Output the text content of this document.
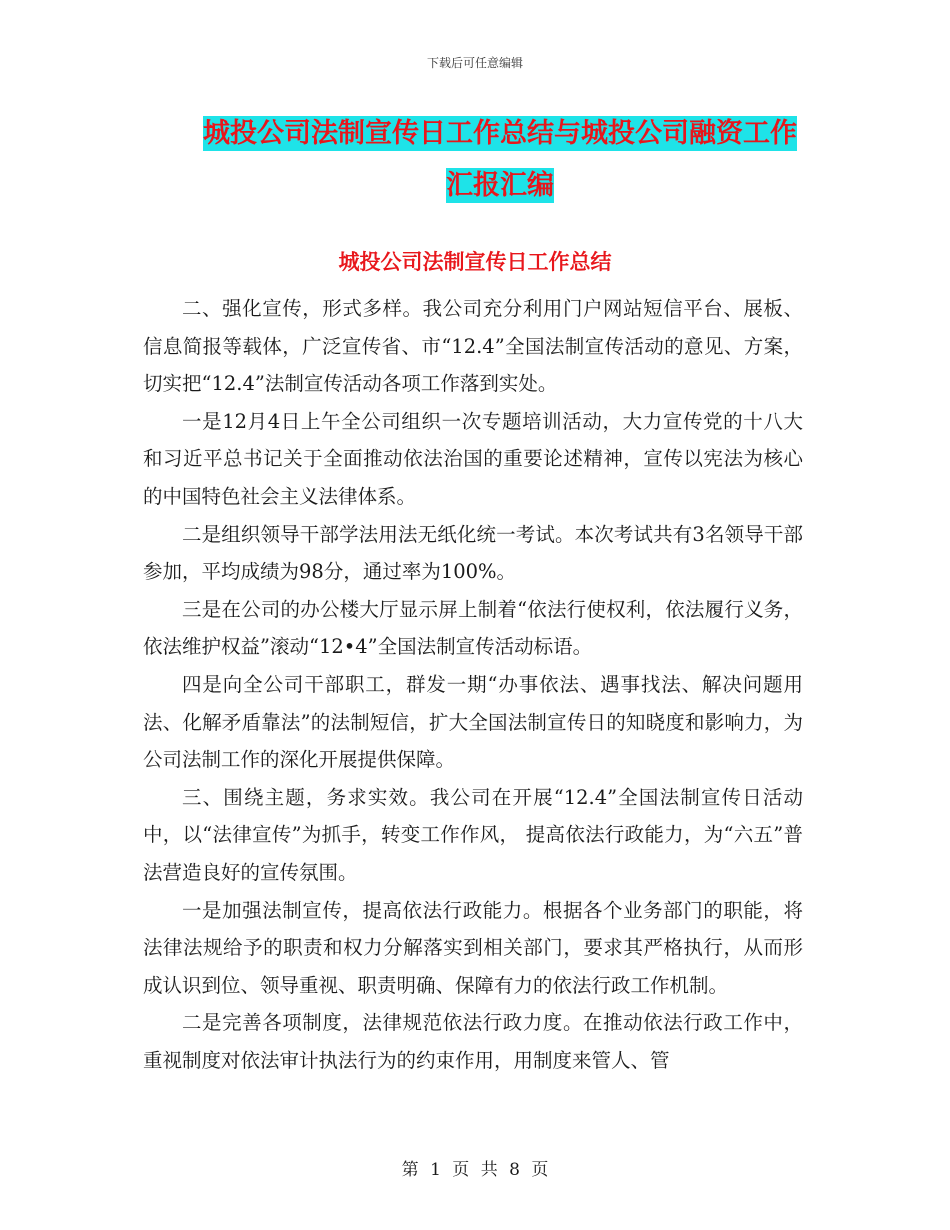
下载后可任意编辑
城投公司法制宣传日工作总结与城投公司融资工作汇报汇编
城投公司法制宣传日工作总结

二、强化宣传，形式多样。我公司充分利用门户网站短信平台、展板、信息简报等载体，广泛宣传省、市“12.4”全国法制宣传活动的意见、方案，切实把“12.4”法制宣传活动各项工作落到实处。

一是12月4日上午全公司组织一次专题培训活动，大力宣传党的十八大和习近平总书记关于全面推动依法治国的重要论述精神，宣传以宪法为核心的中国特色社会主义法律体系。

二是组织领导干部学法用法无纸化统一考试。本次考试共有3名领导干部参加，平均成绩为98分，通过率为100%。

三是在公司的办公楼大厅显示屏上制着“依法行使权利，依法履行义务，依法维护权益”滚动“12•4”全国法制宣传活动标语。

四是向全公司干部职工，群发一期“办事依法、遇事找法、解决问题用法、化解矛盾靠法”的法制短信，扩大全国法制宣传日的知晓度和影响力，为公司法制工作的深化开展提供保障。

三、围绕主题，务求实效。我公司在开展“12.4”全国法制宣传日活动中，以“法律宣传”为抓手，转变工作作风， 提高依法行政能力，为“六五”普法营造良好的宣传氛围。

一是加强法制宣传，提高依法行政能力。根据各个业务部门的职能，将法律法规给予的职责和权力分解落实到相关部门，要求其严格执行，从而形成认识到位、领导重视、职责明确、保障有力的依法行政工作机制。

二是完善各项制度，法律规范依法行政力度。在推动依法行政工作中，重视制度对依法审计执法行为的约束作用，用制度来管人、管

第 1 页 共 8 页
